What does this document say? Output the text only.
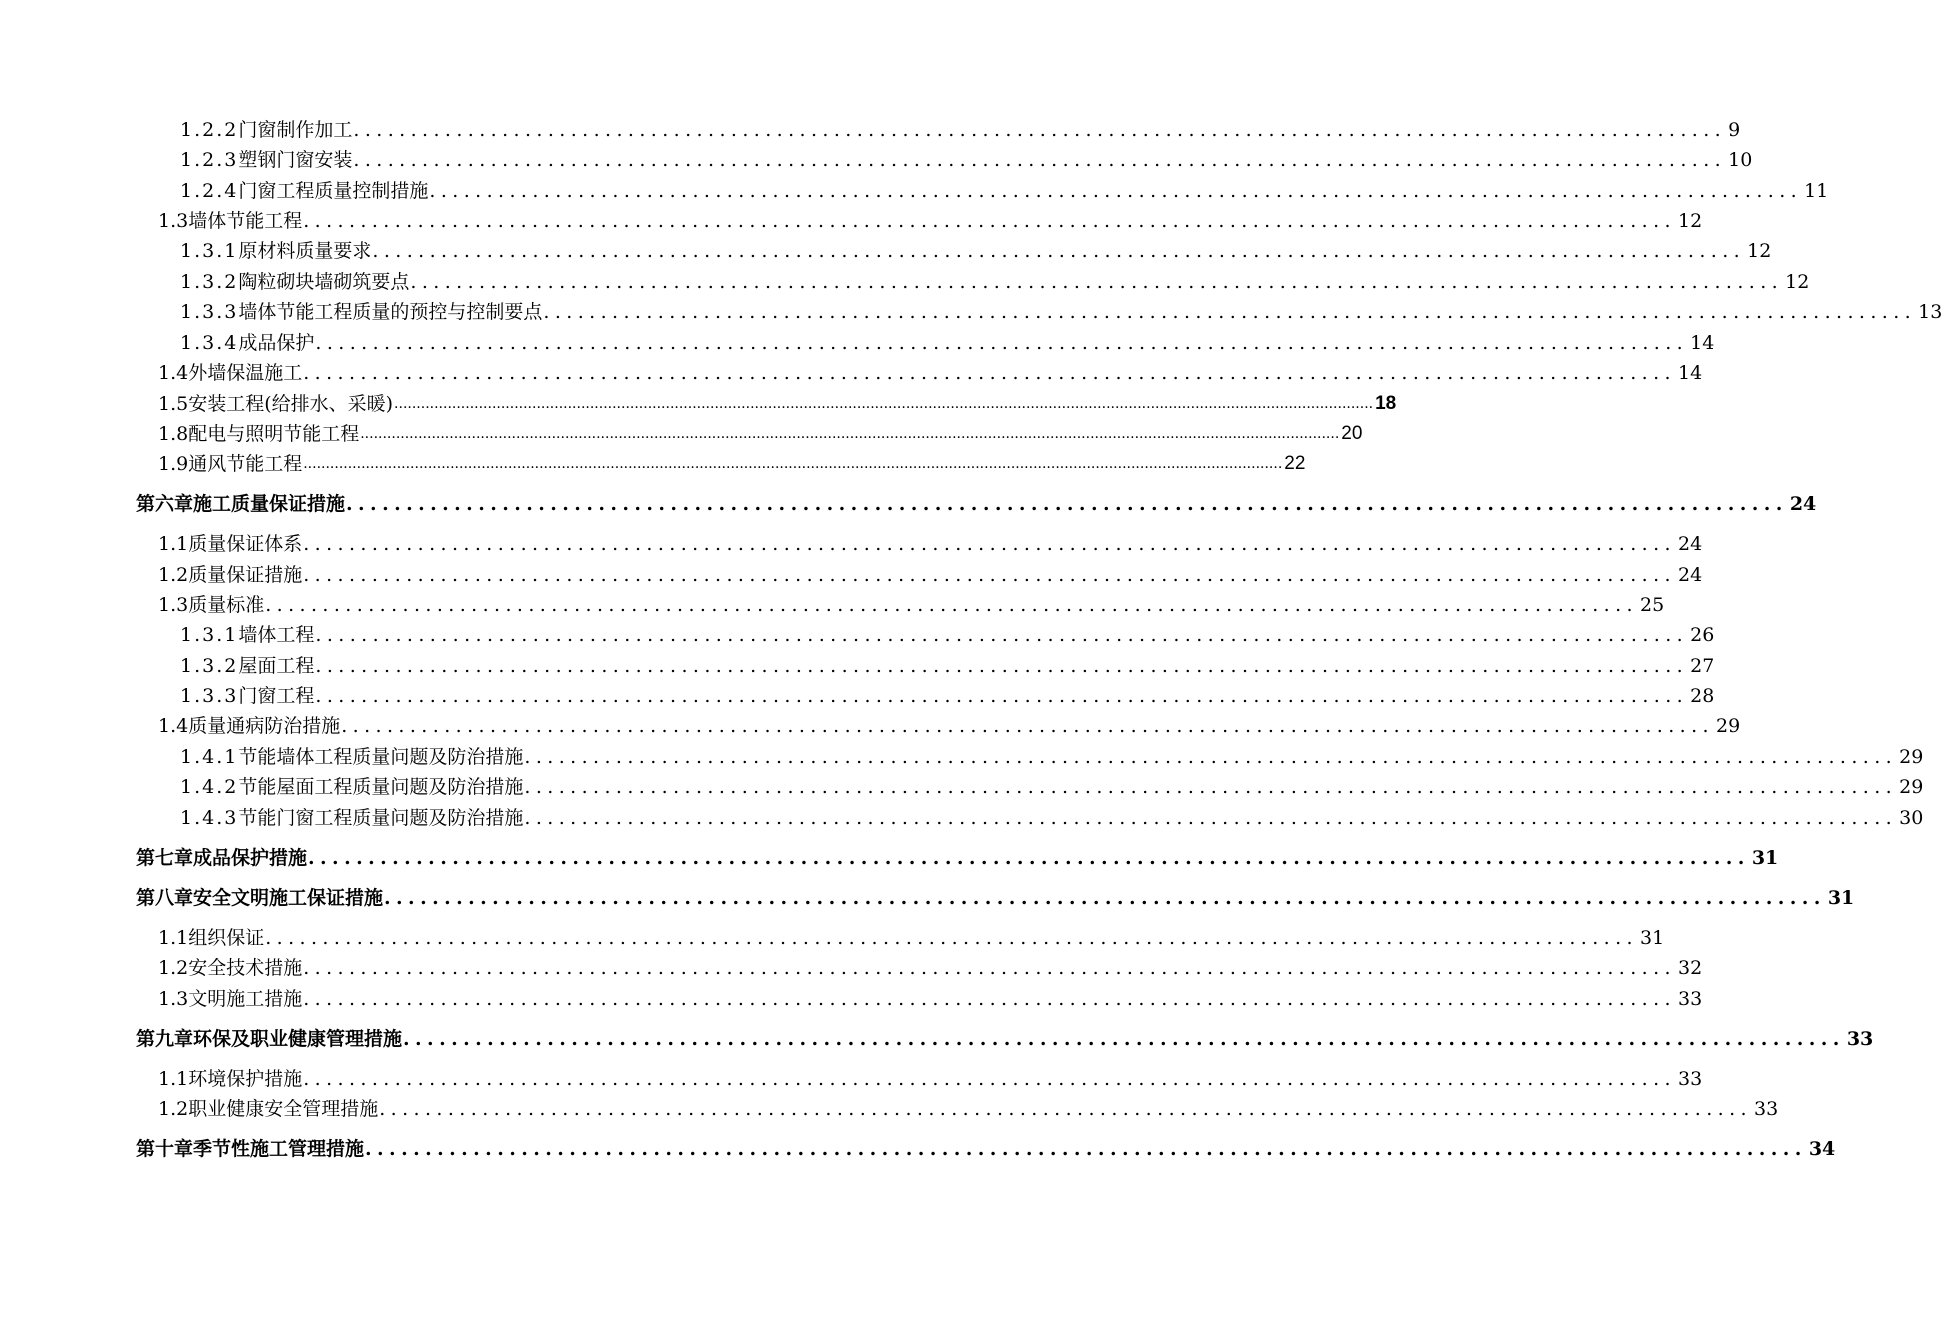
1.2.2 门窗制作加工 ........................................................................................................................ 9
1.2.3 塑钢门窗安装 ........................................................................................................................ 10
1.2.4 门窗工程质量控制措施 ........................................................................................................................ 11
1.3 墙体节能工程 ........................................................................................................................ 12
1.3.1 原材料质量要求 ........................................................................................................................ 12
1.3.2 陶粒砌块墙砌筑要点 ........................................................................................................................ 12
1.3.3 墙体节能工程质量的预控与控制要点 ........................................................................................................................ 13
1.3.4 成品保护 ........................................................................................................................ 14
1.4 外墙保温施工 ........................................................................................................................ 14
1.5 安装工程(给排水、采暖) ............................................................................................................................................................................................................................ 18
1.8 配电与照明节能工程 ............................................................................................................................................................................................................................ 20
1.9 通风节能工程 ............................................................................................................................................................................................................................ 22
第六章 施工质量保证措施 ........................................................................................................................ 24
1.1 质量保证体系 ........................................................................................................................ 24
1.2 质量保证措施 ........................................................................................................................ 24
1.3 质量标准 ........................................................................................................................ 25
1.3.1 墙体工程 ........................................................................................................................ 26
1.3.2 屋面工程 ........................................................................................................................ 27
1.3.3 门窗工程 ........................................................................................................................ 28
1.4 质量通病防治措施 ........................................................................................................................ 29
1.4.1 节能墙体工程质量问题及防治措施 ........................................................................................................................ 29
1.4.2 节能屋面工程质量问题及防治措施 ........................................................................................................................ 29
1.4.3 节能门窗工程质量问题及防治措施 ........................................................................................................................ 30
第七章 成品保护措施 ........................................................................................................................ 31
第八章 安全文明施工保证措施 ........................................................................................................................ 31
1.1 组织保证 ........................................................................................................................ 31
1.2 安全技术措施 ........................................................................................................................ 32
1.3 文明施工措施 ........................................................................................................................ 33
第九章 环保及职业健康管理措施 ........................................................................................................................ 33
1.1 环境保护措施 ........................................................................................................................ 33
1.2 职业健康安全管理措施 ........................................................................................................................ 33
第十章 季节性施工管理措施 ........................................................................................................................ 34
